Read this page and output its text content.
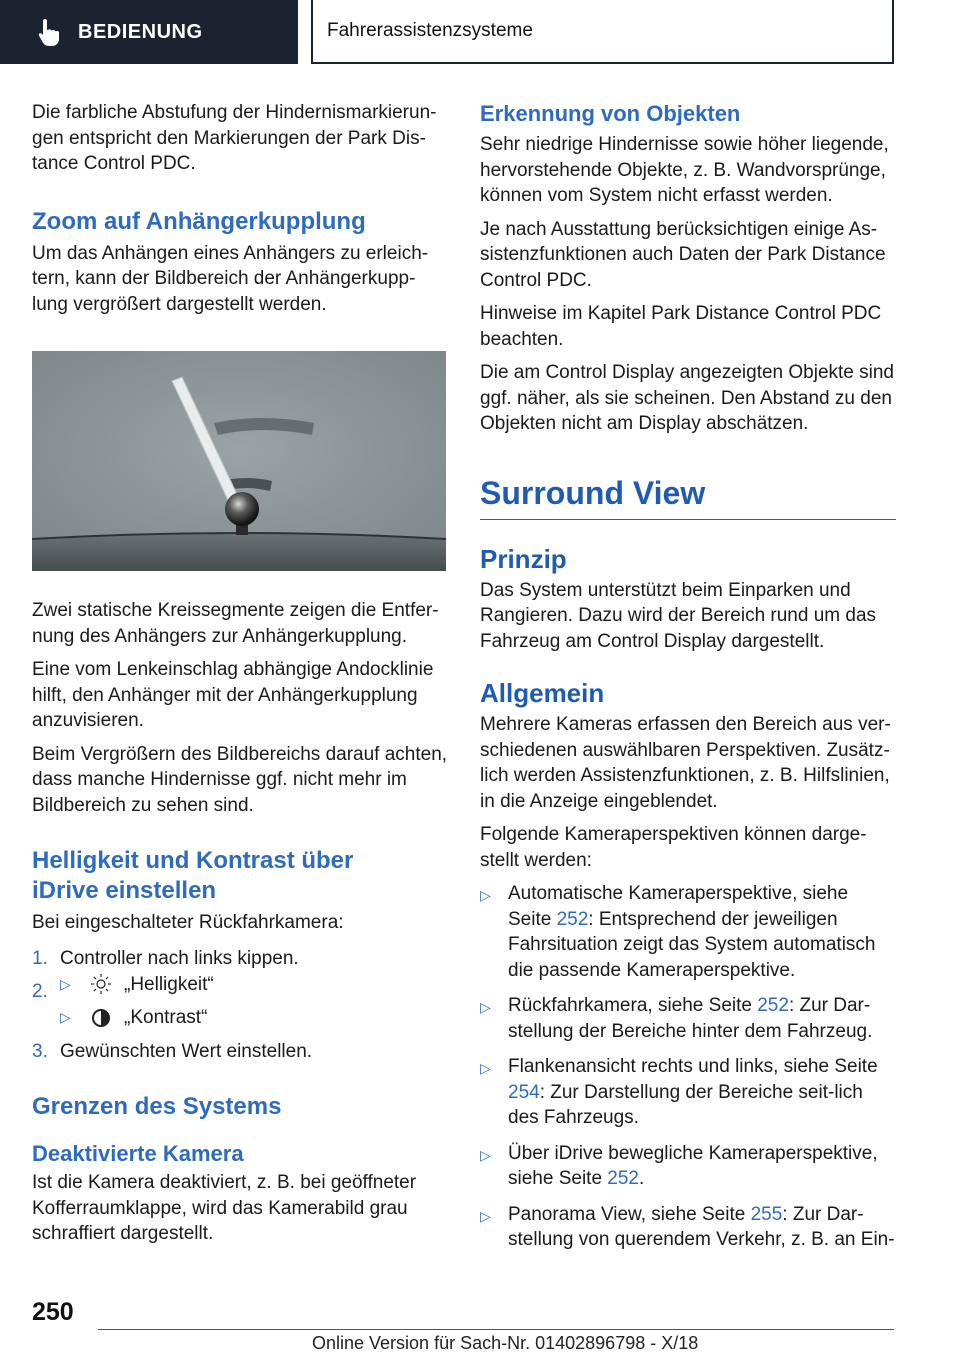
BEDIENUNG	Fahrerassistenzsysteme

Die farbliche Abstufung der Hindernismarkierun-gen entspricht den Markierungen der Park Dis-tance Control PDC.

Zoom auf Anhängerkupplung

Um das Anhängen eines Anhängers zu erleich-tern, kann der Bildbereich der Anhängerkupp-lung vergrößert dargestellt werden.

Zwei statische Kreissegmente zeigen die Entfer-nung des Anhängers zur Anhängerkupplung.

Eine vom Lenkeinschlag abhängige Andocklinie hilft, den Anhänger mit der Anhängerkupplung anzuvisieren.

Beim Vergrößern des Bildbereichs darauf achten, dass manche Hindernisse ggf. nicht mehr im Bildbereich zu sehen sind.

Helligkeit und Kontrast über
iDrive einstellen

Bei eingeschalteter Rückfahrkamera:

1. Controller nach links kippen.
2. ▷	„Helligkeit“
▷	„Kontrast“
3. Gewünschten Wert einstellen.
Grenzen des Systems
Deaktivierte Kamera

Ist die Kamera deaktiviert, z. B. bei geöffneter Kofferraumklappe, wird das Kamerabild grau schraffiert dargestellt.

Erkennung von Objekten

Sehr niedrige Hindernisse sowie höher liegende, hervorstehende Objekte, z. B. Wandvorsprünge, können vom System nicht erfasst werden.

Je nach Ausstattung berücksichtigen einige As-sistenzfunktionen auch Daten der Park Distance Control PDC.

Hinweise im Kapitel Park Distance Control PDC beachten.

Die am Control Display angezeigten Objekte sind ggf. näher, als sie scheinen. Den Abstand zu den Objekten nicht am Display abschätzen.

Surround View
Prinzip

Das System unterstützt beim Einparken und Rangieren. Dazu wird der Bereich rund um das Fahrzeug am Control Display dargestellt.

Allgemein

Mehrere Kameras erfassen den Bereich aus ver-schiedenen auswählbaren Perspektiven. Zusätz-lich werden Assistenzfunktionen, z. B. Hilfslinien, in die Anzeige eingeblendet.

Folgende Kameraperspektiven können darge-stellt werden:

▷ Automatische Kameraperspektive, siehe Seite 252: Entsprechend der jeweiligen Fahrsituation zeigt das System automatisch die passende Kameraperspektive.
▷ Rückfahrkamera, siehe Seite 252: Zur Dar-stellung der Bereiche hinter dem Fahrzeug.
▷ Flankenansicht rechts und links, siehe Seite 254: Zur Darstellung der Bereiche seit-lich des Fahrzeugs.
▷ Über iDrive bewegliche Kameraperspektive, siehe Seite 252.
▷ Panorama View, siehe Seite 255: Zur Dar-stellung von querendem Verkehr, z. B. an Ein-
250
Online Version für Sach-Nr. 01402896798 - X/18
